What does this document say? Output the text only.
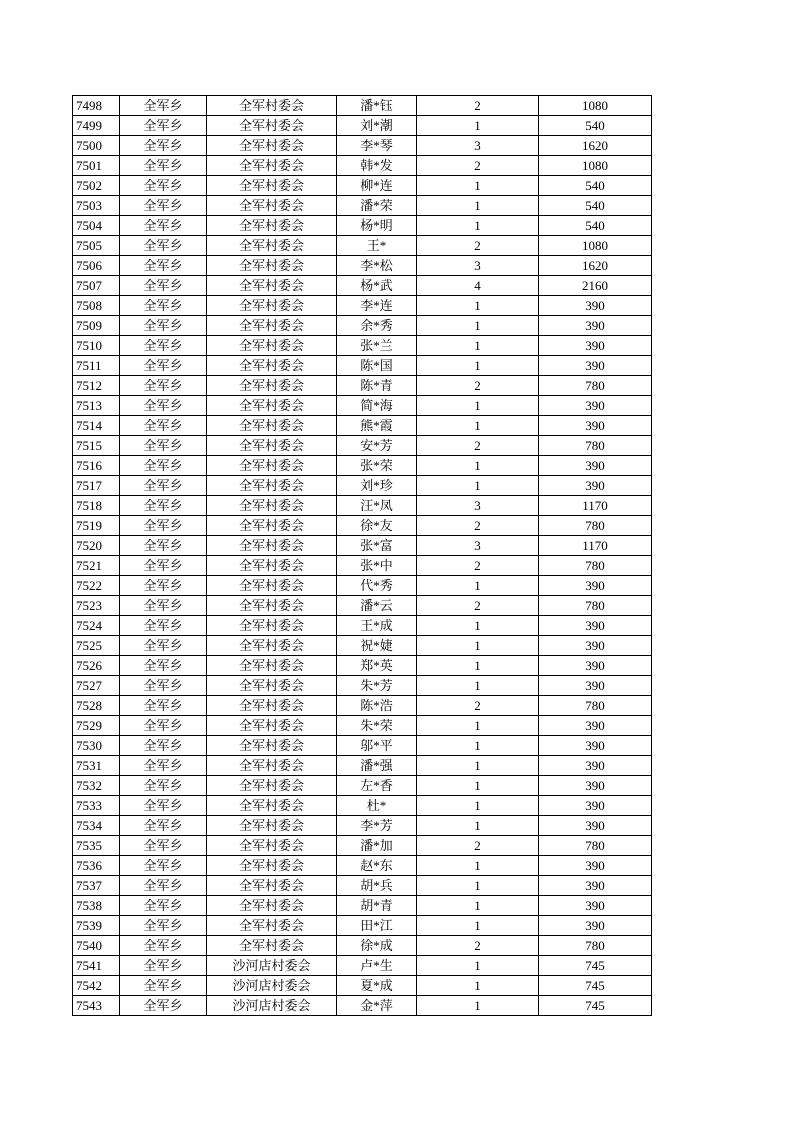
7498	全军乡	全军村委会	潘*钰	2	1080
7499	全军乡	全军村委会	刘*潮	1	540
7500	全军乡	全军村委会	李*琴	3	1620
7501	全军乡	全军村委会	韩*发	2	1080
7502	全军乡	全军村委会	柳*连	1	540
7503	全军乡	全军村委会	潘*荣	1	540
7504	全军乡	全军村委会	杨*明	1	540
7505	全军乡	全军村委会	王*	2	1080
7506	全军乡	全军村委会	李*松	3	1620
7507	全军乡	全军村委会	杨*武	4	2160
7508	全军乡	全军村委会	李*连	1	390
7509	全军乡	全军村委会	余*秀	1	390
7510	全军乡	全军村委会	张*兰	1	390
7511	全军乡	全军村委会	陈*国	1	390
7512	全军乡	全军村委会	陈*青	2	780
7513	全军乡	全军村委会	简*海	1	390
7514	全军乡	全军村委会	熊*霞	1	390
7515	全军乡	全军村委会	安*芳	2	780
7516	全军乡	全军村委会	张*荣	1	390
7517	全军乡	全军村委会	刘*珍	1	390
7518	全军乡	全军村委会	汪*凤	3	1170
7519	全军乡	全军村委会	徐*友	2	780
7520	全军乡	全军村委会	张*富	3	1170
7521	全军乡	全军村委会	张*中	2	780
7522	全军乡	全军村委会	代*秀	1	390
7523	全军乡	全军村委会	潘*云	2	780
7524	全军乡	全军村委会	王*成	1	390
7525	全军乡	全军村委会	祝*婕	1	390
7526	全军乡	全军村委会	郑*英	1	390
7527	全军乡	全军村委会	朱*芳	1	390
7528	全军乡	全军村委会	陈*浩	2	780
7529	全军乡	全军村委会	朱*荣	1	390
7530	全军乡	全军村委会	邬*平	1	390
7531	全军乡	全军村委会	潘*强	1	390
7532	全军乡	全军村委会	左*香	1	390
7533	全军乡	全军村委会	杜*	1	390
7534	全军乡	全军村委会	李*芳	1	390
7535	全军乡	全军村委会	潘*加	2	780
7536	全军乡	全军村委会	赵*东	1	390
7537	全军乡	全军村委会	胡*兵	1	390
7538	全军乡	全军村委会	胡*青	1	390
7539	全军乡	全军村委会	田*江	1	390
7540	全军乡	全军村委会	徐*成	2	780
7541	全军乡	沙河店村委会	卢*生	1	745
7542	全军乡	沙河店村委会	夏*成	1	745
7543	全军乡	沙河店村委会	金*萍	1	745
